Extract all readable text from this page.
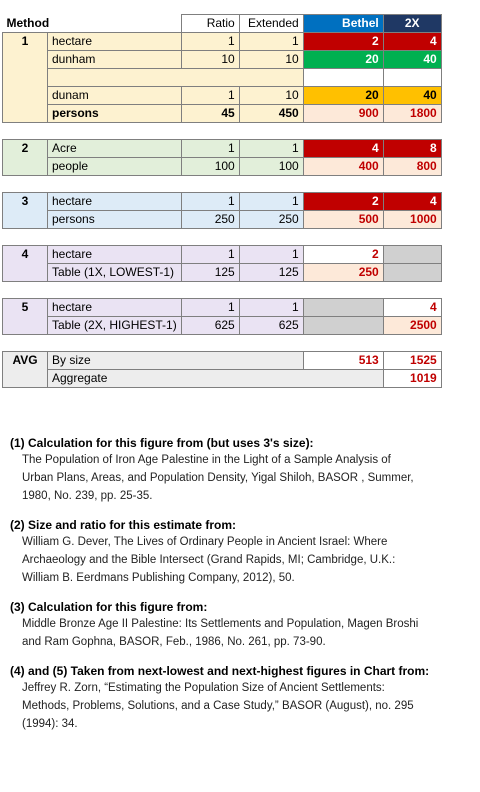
Method		Ratio	Extended	Bethel	2X
1	hectare	1	1	2	4
	dunham	10	10	20	40

	dunam	1	10	20	40
	persons	45	450	900	1800

2	Acre	1	1	4	8
	people	100	100	400	800

3	hectare	1	1	2	4
	persons	250	250	500	1000

4	hectare	1	1	2	
	Table (1X, LOWEST-1)	125	125	250	

5	hectare	1	1		4
	Table (2X, HIGHEST-1)	625	625		2500

AVG	By size			513	1525
	Aggregate				1019
(1) Calculation for this figure from (but uses 3's size):
The Population of Iron Age Palestine in the Light of a Sample Analysis of
Urban Plans, Areas, and Population Density, Yigal Shiloh, BASOR , Summer,
1980, No. 239, pp. 25-35.
(2) Size and ratio for this estimate from:
William G. Dever, The Lives of Ordinary People in Ancient Israel: Where
Archaeology and the Bible Intersect (Grand Rapids, MI; Cambridge, U.K.:
William B. Eerdmans Publishing Company, 2012), 50.
(3) Calculation for this figure from:
Middle Bronze Age II Palestine: Its Settlements and Population, Magen Broshi
and Ram Gophna, BASOR, Feb., 1986, No. 261, pp. 73-90.
(4) and (5) Taken from next-lowest and next-highest figures in Chart from:
Jeffrey R. Zorn, “Estimating the Population Size of Ancient Settlements:
Methods, Problems, Solutions, and a Case Study,” BASOR (August), no. 295
(1994): 34.
